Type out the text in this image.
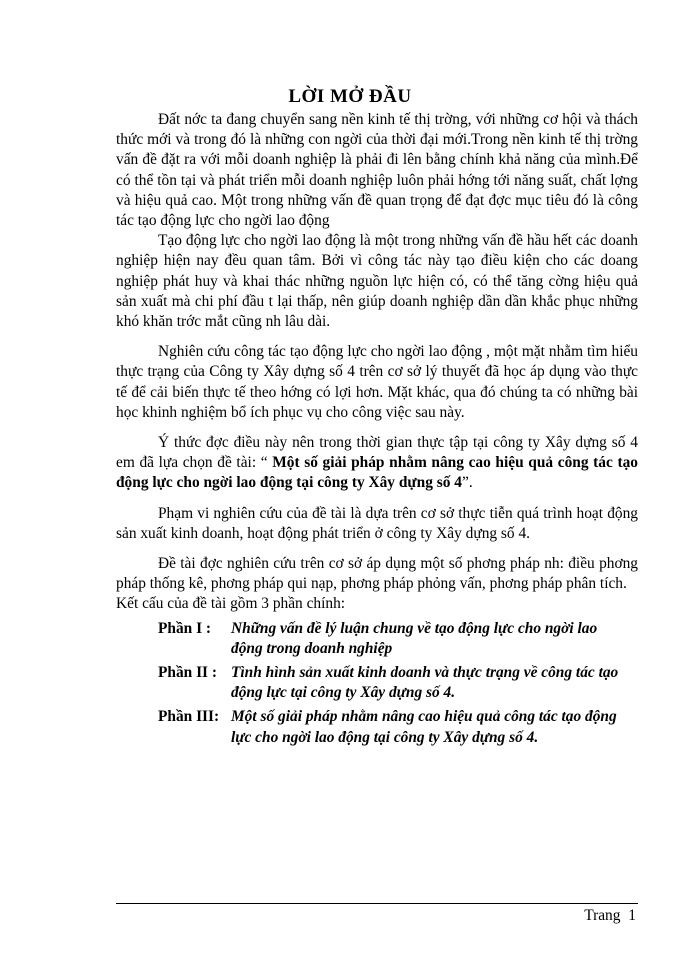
LỜI MỞ ĐẦU

Đất nớc ta đang chuyển sang nền kinh tế thị trờng, với những cơ hội và thách thức mới và trong đó là những con ngời của thời đại mới.Trong nền kinh tế thị trờng vấn đề đặt ra với mỗi doanh nghiệp là phải đi lên bằng chính khả năng của mình.Để có thể tồn tại và phát triển mỗi doanh nghiệp luôn phải hớng tới năng suất, chất lợng và hiệu quả cao. Một trong những vấn đề quan trọng để đạt đợc mục tiêu đó là công tác tạo động lực cho ngời lao động

Tạo động lực cho ngời lao động là một trong những vấn đề hầu hết các doanh nghiệp hiện nay đều quan tâm. Bởi vì công tác này tạo điều kiện cho các doang nghiệp phát huy và khai thác những nguồn lực hiện có, có thể tăng cờng hiệu quả sản xuất mà chi phí đầu t lại thấp, nên giúp doanh nghiệp dần dần khắc phục những khó khăn trớc mắt cũng nh lâu dài.

Nghiên cứu công tác tạo động lực cho ngời lao động , một mặt nhằm tìm hiểu thực trạng của Công ty Xây dựng số 4 trên cơ sở lý thuyết đã học áp dụng vào thực tế để cải biến thực tế theo hớng có lợi hơn. Mặt khác, qua đó chúng ta có những bài học khinh nghiệm bổ ích phục vụ cho công việc sau này.

Ý thức đợc điều này nên trong thời gian thực tập tại công ty Xây dựng số 4 em đã lựa chọn đề tài: “ Một số giải pháp nhằm nâng cao hiệu quả công tác tạo động lực cho ngời lao động tại công ty Xây dựng số 4”.

Phạm vi nghiên cứu của đề tài là dựa trên cơ sở thực tiễn quá trình hoạt động sản xuất kinh doanh, hoạt động phát triển ở công ty Xây dựng số 4.

Đề tài đợc nghiên cứu trên cơ sở áp dụng một số phơng pháp nh: điều phơng pháp thống kê, phơng pháp qui nạp, phơng pháp phỏng vấn, phơng pháp phân tích.

Kết cấu của đề tài gồm 3 phần chính:

Phần I :	Những vấn đề lý luận chung về tạo động lực cho ngời lao động trong doanh nghiệp
Phần II : Tình hình sản xuất kinh doanh và thực trạng về công tác tạo động lực tại công ty Xây dựng số 4.
Phần III: Một số giải pháp nhằm nâng cao hiệu quả công tác tạo động lực cho ngời lao động tại công ty Xây dựng số 4.
Trang 1
